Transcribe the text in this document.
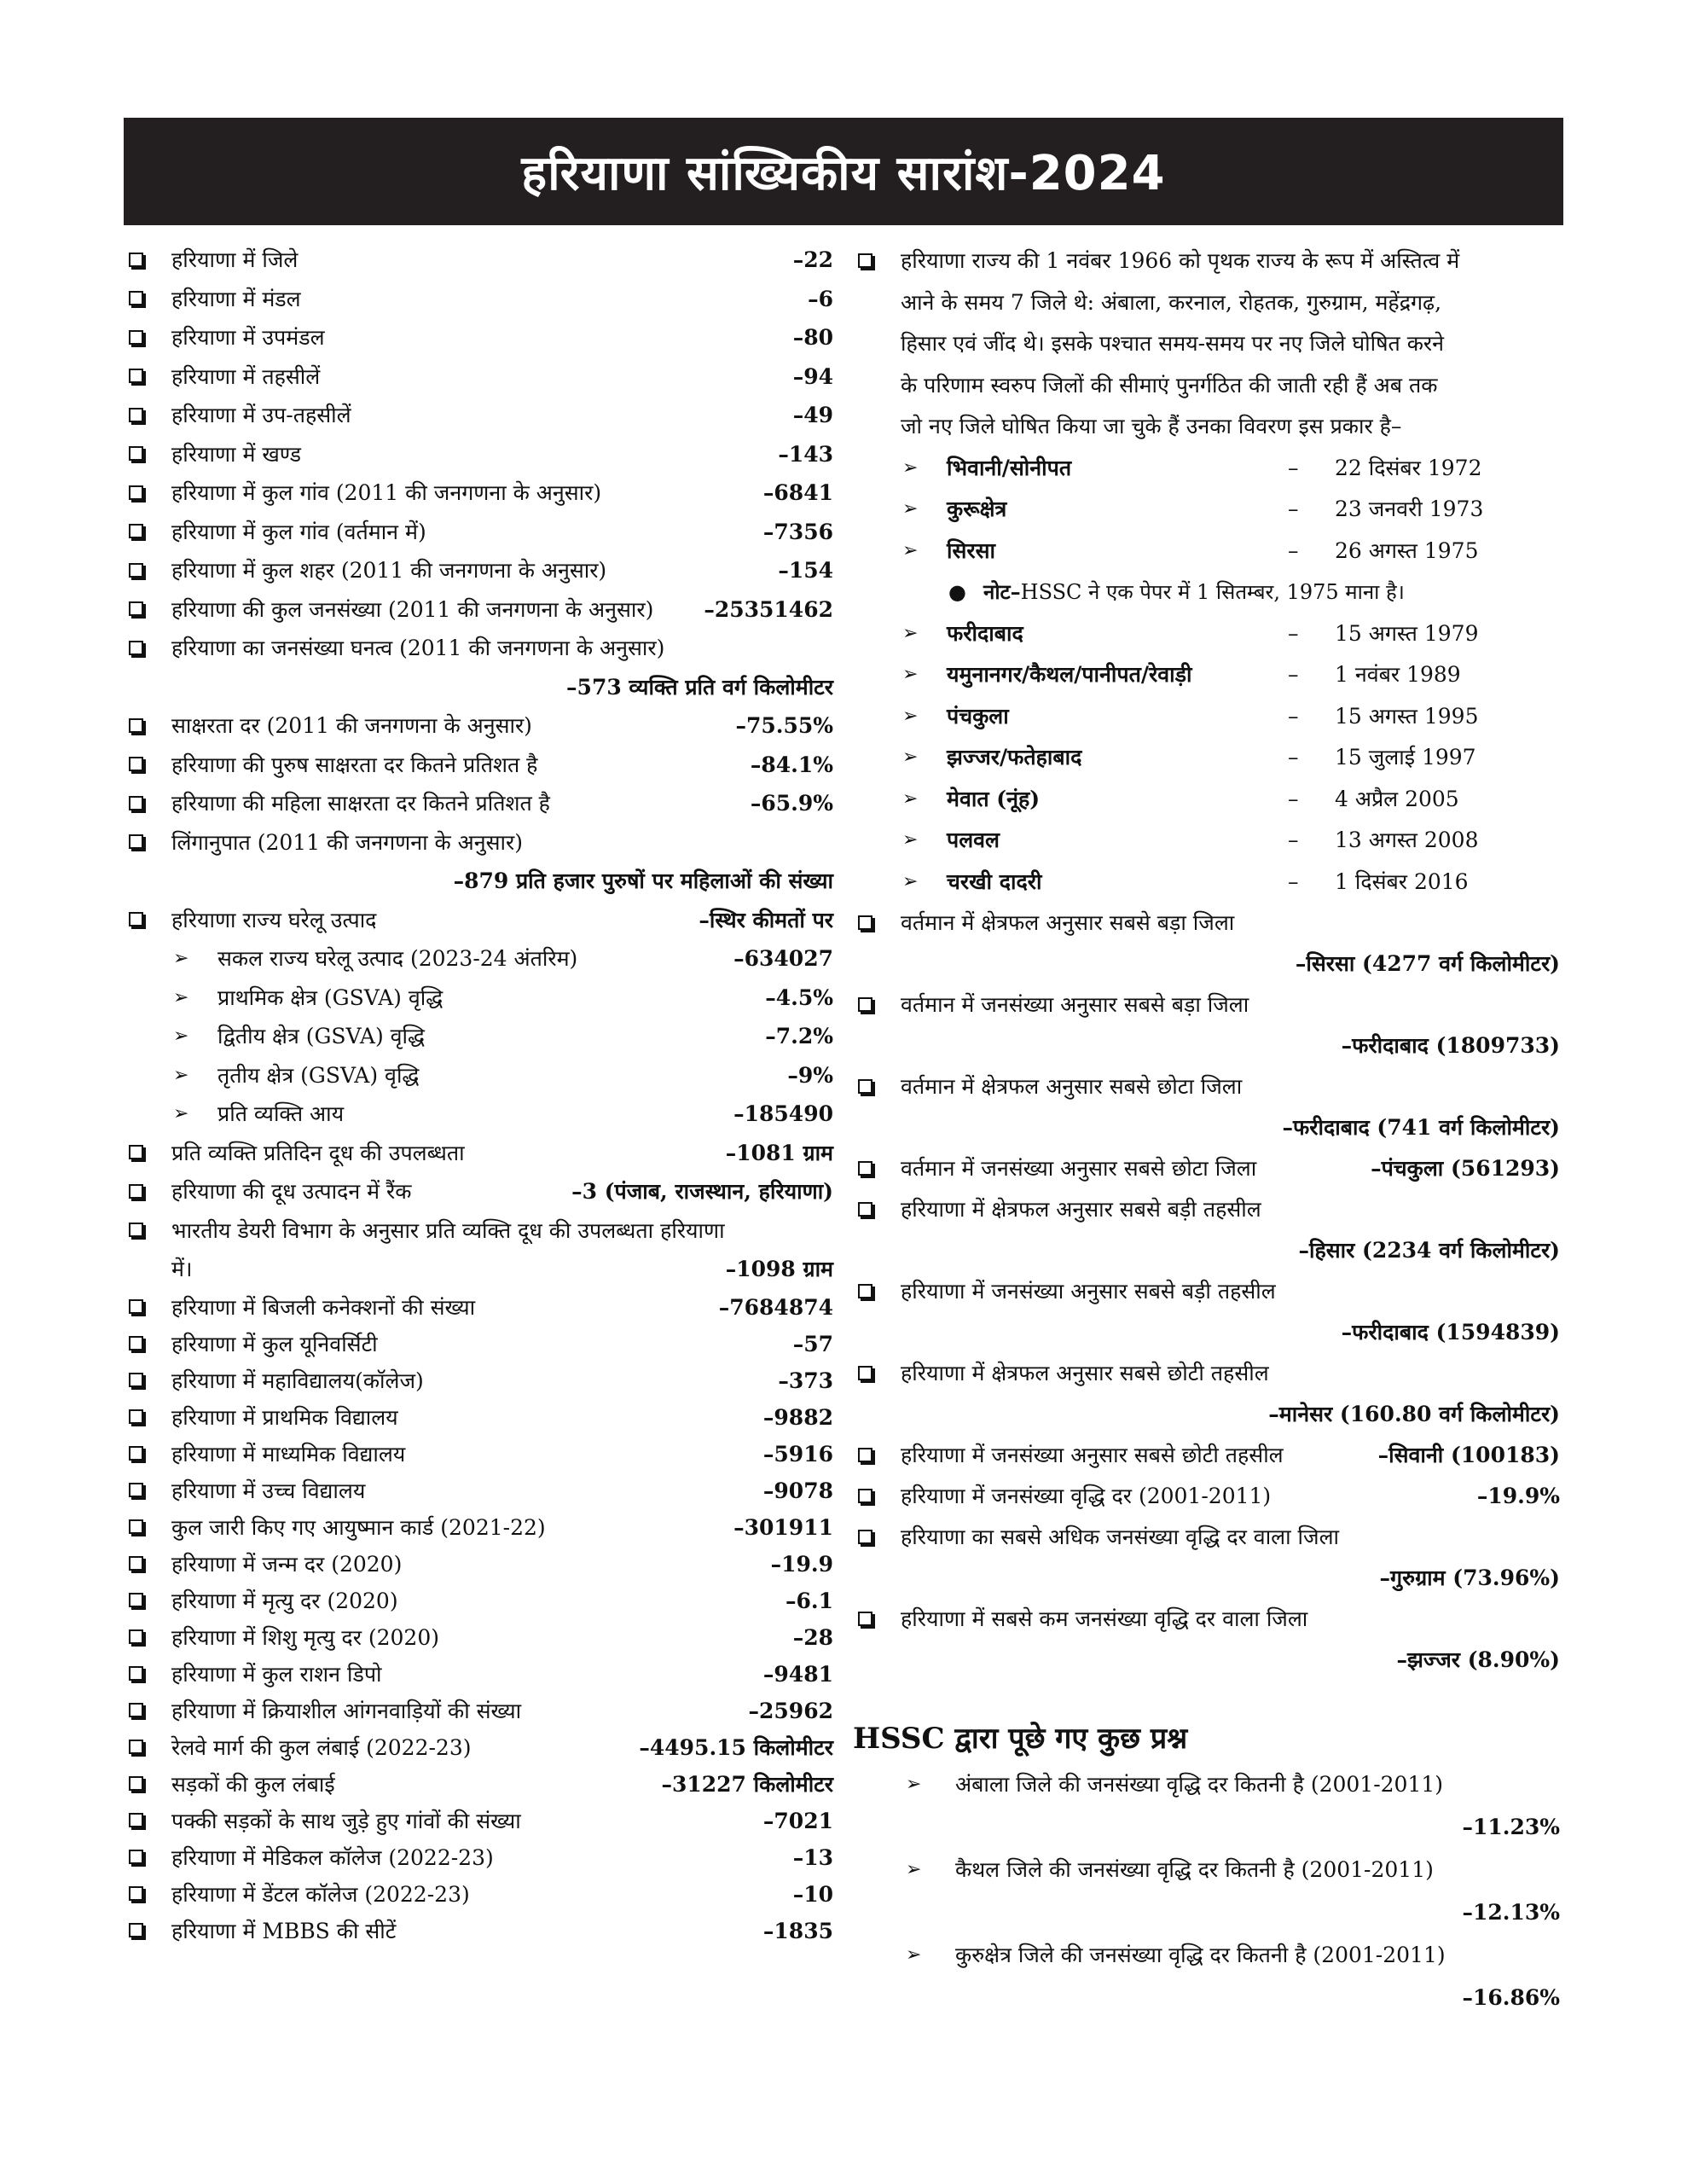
हरियाणा सांख्यिकीय सारांश-2024
हरियाणा में जिले	–22
हरियाणा में मंडल	–6
हरियाणा में उपमंडल	–80
हरियाणा में तहसीलें	–94
हरियाणा में उप-तहसीलें	–49
हरियाणा में खण्ड	–143
हरियाणा में कुल गांव (2011 की जनगणना के अनुसार)	–6841
हरियाणा में कुल गांव (वर्तमान में)	–7356
हरियाणा में कुल शहर (2011 की जनगणना के अनुसार)	–154
हरियाणा की कुल जनसंख्या (2011 की जनगणना के अनुसार) –25351462
हरियाणा का जनसंख्या घनत्व (2011 की जनगणना के अनुसार)
–573 व्यक्ति प्रति वर्ग किलोमीटर
साक्षरता दर (2011 की जनगणना के अनुसार)	–75.55%
हरियाणा की पुरुष साक्षरता दर कितने प्रतिशत है	–84.1%
हरियाणा की महिला साक्षरता दर कितने प्रतिशत है	–65.9%
लिंगानुपात (2011 की जनगणना के अनुसार)
–879 प्रति हजार पुरुषों पर महिलाओं की संख्या
हरियाणा राज्य घरेलू उत्पाद	–स्थिर कीमतों पर
➢ सकल राज्य घरेलू उत्पाद (2023-24 अंतरिम)	–634027
➢ प्राथमिक क्षेत्र (GSVA) वृद्धि	–4.5%
➢ द्वितीय क्षेत्र (GSVA) वृद्धि	–7.2%
➢ तृतीय क्षेत्र (GSVA) वृद्धि	–9%
➢ प्रति व्यक्ति आय	–185490
प्रति व्यक्ति प्रतिदिन दूध की उपलब्धता	–1081 ग्राम
हरियाणा की दूध उत्पादन में रैंक	–3 (पंजाब, राजस्थान, हरियाणा)
भारतीय डेयरी विभाग के अनुसार प्रति व्यक्ति दूध की उपलब्धता हरियाणा
में।	–1098 ग्राम
हरियाणा में बिजली कनेक्शनों की संख्या	–7684874
हरियाणा में कुल यूनिवर्सिटी	–57
हरियाणा में महाविद्यालय(कॉलेज)	–373
हरियाणा में प्राथमिक विद्यालय	–9882
हरियाणा में माध्यमिक विद्यालय	–5916
हरियाणा में उच्च विद्यालय	–9078
कुल जारी किए गए आयुष्मान कार्ड (2021-22)	–301911
हरियाणा में जन्म दर (2020)	–19.9
हरियाणा में मृत्यु दर (2020)	–6.1
हरियाणा में शिशु मृत्यु दर (2020)	–28
हरियाणा में कुल राशन डिपो	–9481
हरियाणा में क्रियाशील आंगनवाड़ियों की संख्या	–25962
रेलवे मार्ग की कुल लंबाई (2022-23)	–4495.15 किलोमीटर
सड़कों की कुल लंबाई	–31227 किलोमीटर
पक्की सड़कों के साथ जुड़े हुए गांवों की संख्या	–7021
हरियाणा में मेडिकल कॉलेज (2022-23)	–13
हरियाणा में डेंटल कॉलेज (2022-23)	–10
हरियाणा में MBBS की सीटें	–1835
हरियाणा राज्य की 1 नवंबर 1966 को पृथक राज्य के रूप में अस्तित्व में
आने के समय 7 जिले थे: अंबाला, करनाल, रोहतक, गुरुग्राम, महेंद्रगढ़,
हिसार एवं जींद थे। इसके पश्चात समय-समय पर नए जिले घोषित करने
के परिणाम स्वरुप जिलों की सीमाएं पुनर्गठित की जाती रही हैं अब तक
जो नए जिले घोषित किया जा चुके हैं उनका विवरण इस प्रकार है–
➢ भिवानी/सोनीपत	– 22 दिसंबर 1972
➢ कुरूक्षेत्र	– 23 जनवरी 1973
➢ सिरसा	– 26 अगस्त 1975
● नोट–HSSC ने एक पेपर में 1 सितम्बर, 1975 माना है।
➢ फरीदाबाद	– 15 अगस्त 1979
➢ यमुनानगर/कैथल/पानीपत/रेवाड़ी	– 1 नवंबर 1989
➢ पंचकुला	– 15 अगस्त 1995
➢ झज्जर/फतेहाबाद	– 15 जुलाई 1997
➢ मेवात (नूंह)	– 4 अप्रैल 2005
➢ पलवल	– 13 अगस्त 2008
➢ चरखी दादरी	– 1 दिसंबर 2016
वर्तमान में क्षेत्रफल अनुसार सबसे बड़ा जिला
–सिरसा (4277 वर्ग किलोमीटर)
वर्तमान में जनसंख्या अनुसार सबसे बड़ा जिला
–फरीदाबाद (1809733)
वर्तमान में क्षेत्रफल अनुसार सबसे छोटा जिला
–फरीदाबाद (741 वर्ग किलोमीटर)
वर्तमान में जनसंख्या अनुसार सबसे छोटा जिला	–पंचकुला (561293)
हरियाणा में क्षेत्रफल अनुसार सबसे बड़ी तहसील
–हिसार (2234 वर्ग किलोमीटर)
हरियाणा में जनसंख्या अनुसार सबसे बड़ी तहसील
–फरीदाबाद (1594839)
हरियाणा में क्षेत्रफल अनुसार सबसे छोटी तहसील
–मानेसर (160.80 वर्ग किलोमीटर)
हरियाणा में जनसंख्या अनुसार सबसे छोटी तहसील	–सिवानी (100183)
हरियाणा में जनसंख्या वृद्धि दर (2001-2011)	–19.9%
हरियाणा का सबसे अधिक जनसंख्या वृद्धि दर वाला जिला
–गुरुग्राम (73.96%)
हरियाणा में सबसे कम जनसंख्या वृद्धि दर वाला जिला
–झज्जर (8.90%)
HSSC द्वारा पूछे गए कुछ प्रश्न
➢ अंबाला जिले की जनसंख्या वृद्धि दर कितनी है (2001-2011)
–11.23%
➢ कैथल जिले की जनसंख्या वृद्धि दर कितनी है (2001-2011)
–12.13%
➢ कुरुक्षेत्र जिले की जनसंख्या वृद्धि दर कितनी है (2001-2011)
–16.86%
